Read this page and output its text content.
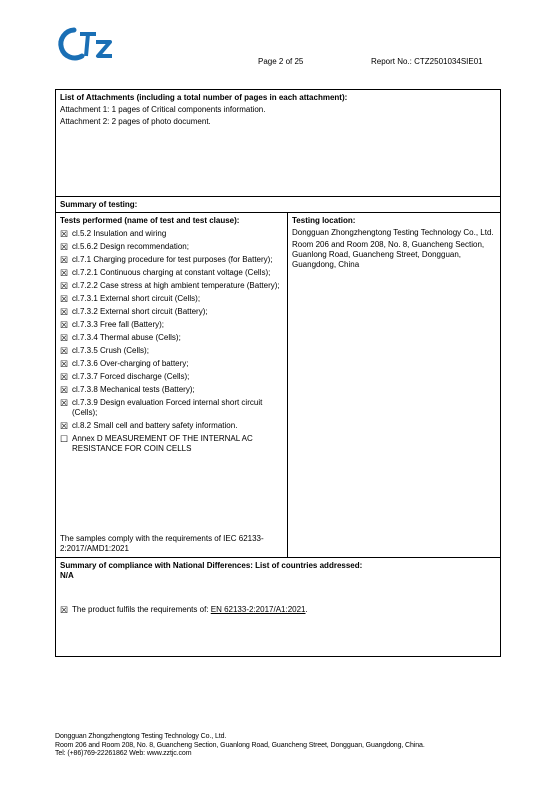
Page 2 of 25	Report No.: CTZ2501034SIE01
List of Attachments (including a total number of pages in each attachment):
Attachment 1: 1 pages of Critical components information.
Attachment 2: 2 pages of photo document.
Summary of testing:
Tests performed (name of test and test clause):
☒ cl.5.2 Insulation and wiring
☒ cl.5.6.2 Design recommendation;
☒ cl.7.1 Charging procedure for test purposes (for Battery);
☒ cl.7.2.1 Continuous charging at constant voltage (Cells);
☒ cl.7.2.2 Case stress at high ambient temperature (Battery);
☒ cl.7.3.1 External short circuit (Cells);
☒ cl.7.3.2 External short circuit (Battery);
☒ cl.7.3.3 Free fall (Battery);
☒ cl.7.3.4 Thermal abuse (Cells);
☒ cl.7.3.5 Crush (Cells);
☒ cl.7.3.6 Over-charging of battery;
☒ cl.7.3.7 Forced discharge (Cells);
☒ cl.7.3.8 Mechanical tests (Battery);
☒ cl.7.3.9 Design evaluation Forced internal short circuit (Cells);
☒ cl.8.2 Small cell and battery safety information.
☐ Annex D MEASUREMENT OF THE INTERNAL AC RESISTANCE FOR COIN CELLS
The samples comply with the requirements of IEC 62133-2:2017/AMD1:2021
Testing location:
Dongguan Zhongzhengtong Testing Technology Co., Ltd.
Room 206 and Room 208, No. 8, Guancheng Section, Guanlong Road, Guancheng Street, Dongguan, Guangdong, China
Summary of compliance with National Differences: List of countries addressed:
N/A
☒ The product fulfils the requirements of:
EN 62133-2:2017/A1:2021 .
Dongguan Zhongzhengtong Testing Technology Co., Ltd.
Room 206 and Room 208, No. 8, Guancheng Section, Guanlong Road, Guancheng Street, Dongguan, Guangdong, China.
Tel: (+86)769-22261862 Web: www.zztjc.com
